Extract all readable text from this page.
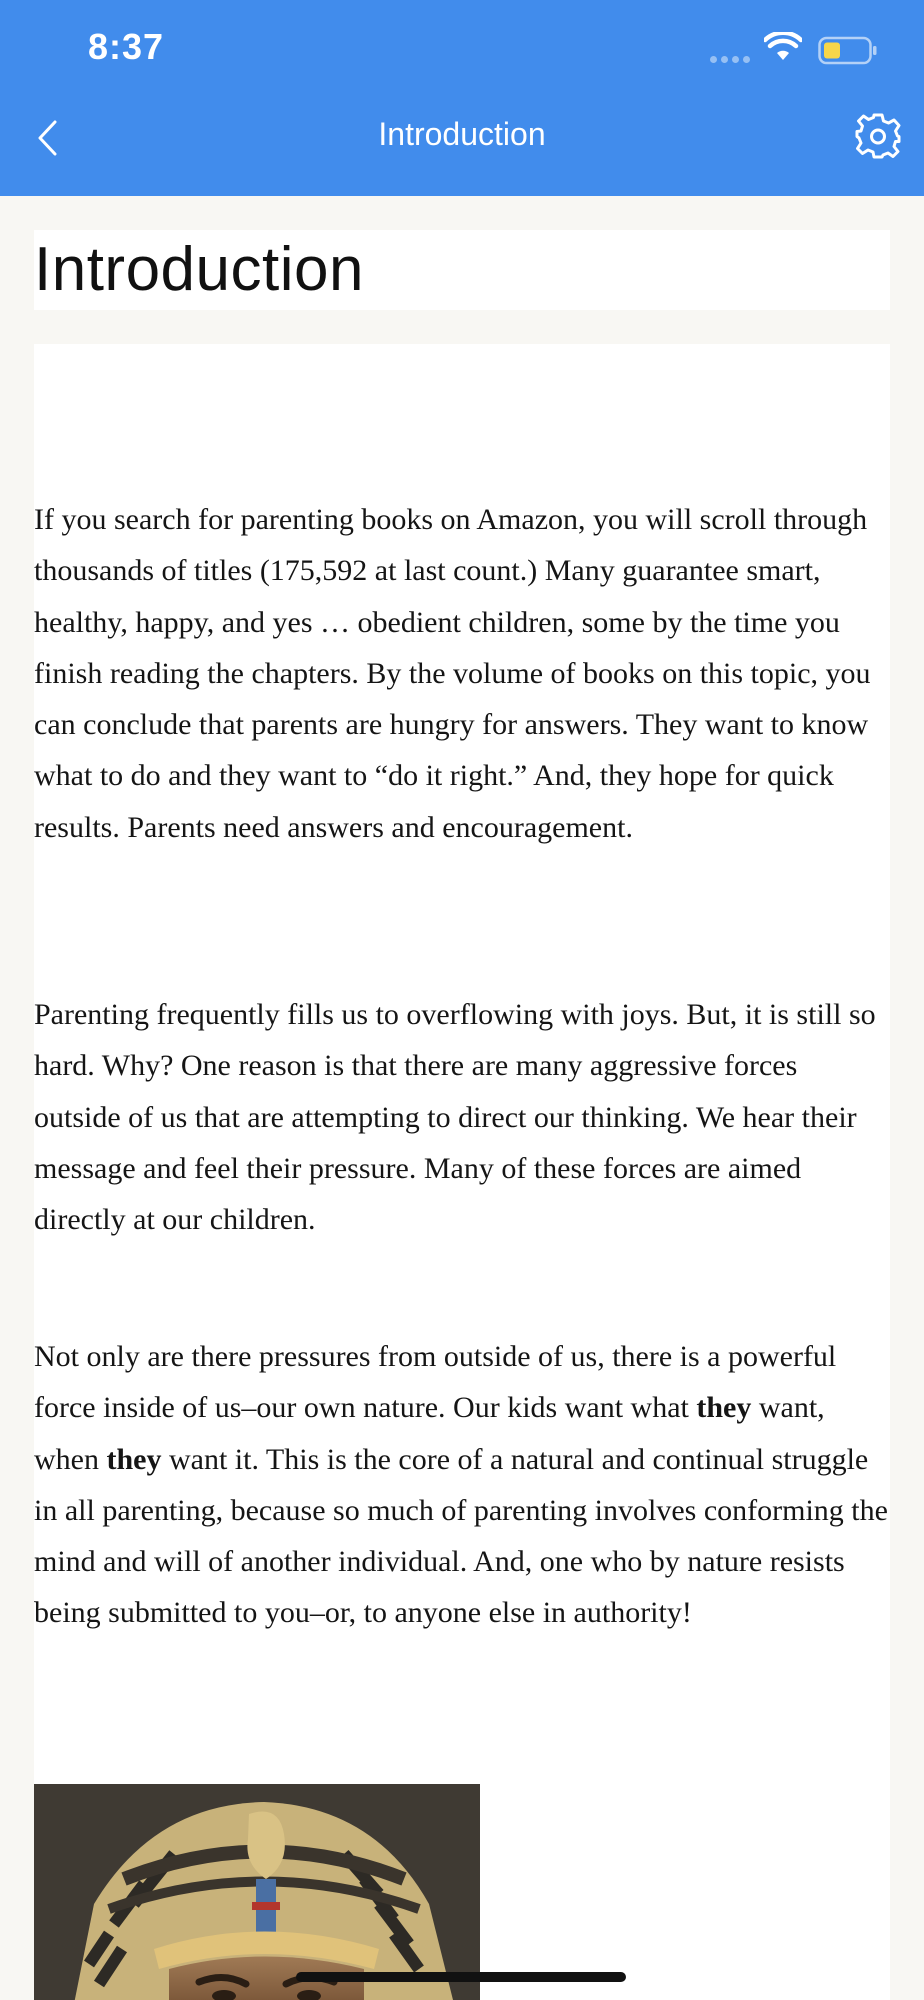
8:37
Introduction
Introduction

If you search for parenting books on Amazon, you will scroll through thousands of titles (175,592 at last count.) Many guarantee smart, healthy, happy, and yes … obedient children, some by the time you finish reading the chapters. By the volume of books on this topic, you can conclude that parents are hungry for answers. They want to know what to do and they want to “do it right.” And, they hope for quick results. Parents need answers and encouragement.

Parenting frequently fills us to overflowing with joys. But, it is still so hard. Why? One reason is that there are many aggressive forces outside of us that are attempting to direct our thinking. We hear their message and feel their pressure. Many of these forces are aimed directly at our children.

Not only are there pressures from outside of us, there is a powerful force inside of us–our own nature. Our kids want what they want, when they want it. This is the core of a natural and continual struggle in all parenting, because so much of parenting involves conforming the mind and will of another individual. And, one who by nature resists being submitted to you–or, to anyone else in authority!
